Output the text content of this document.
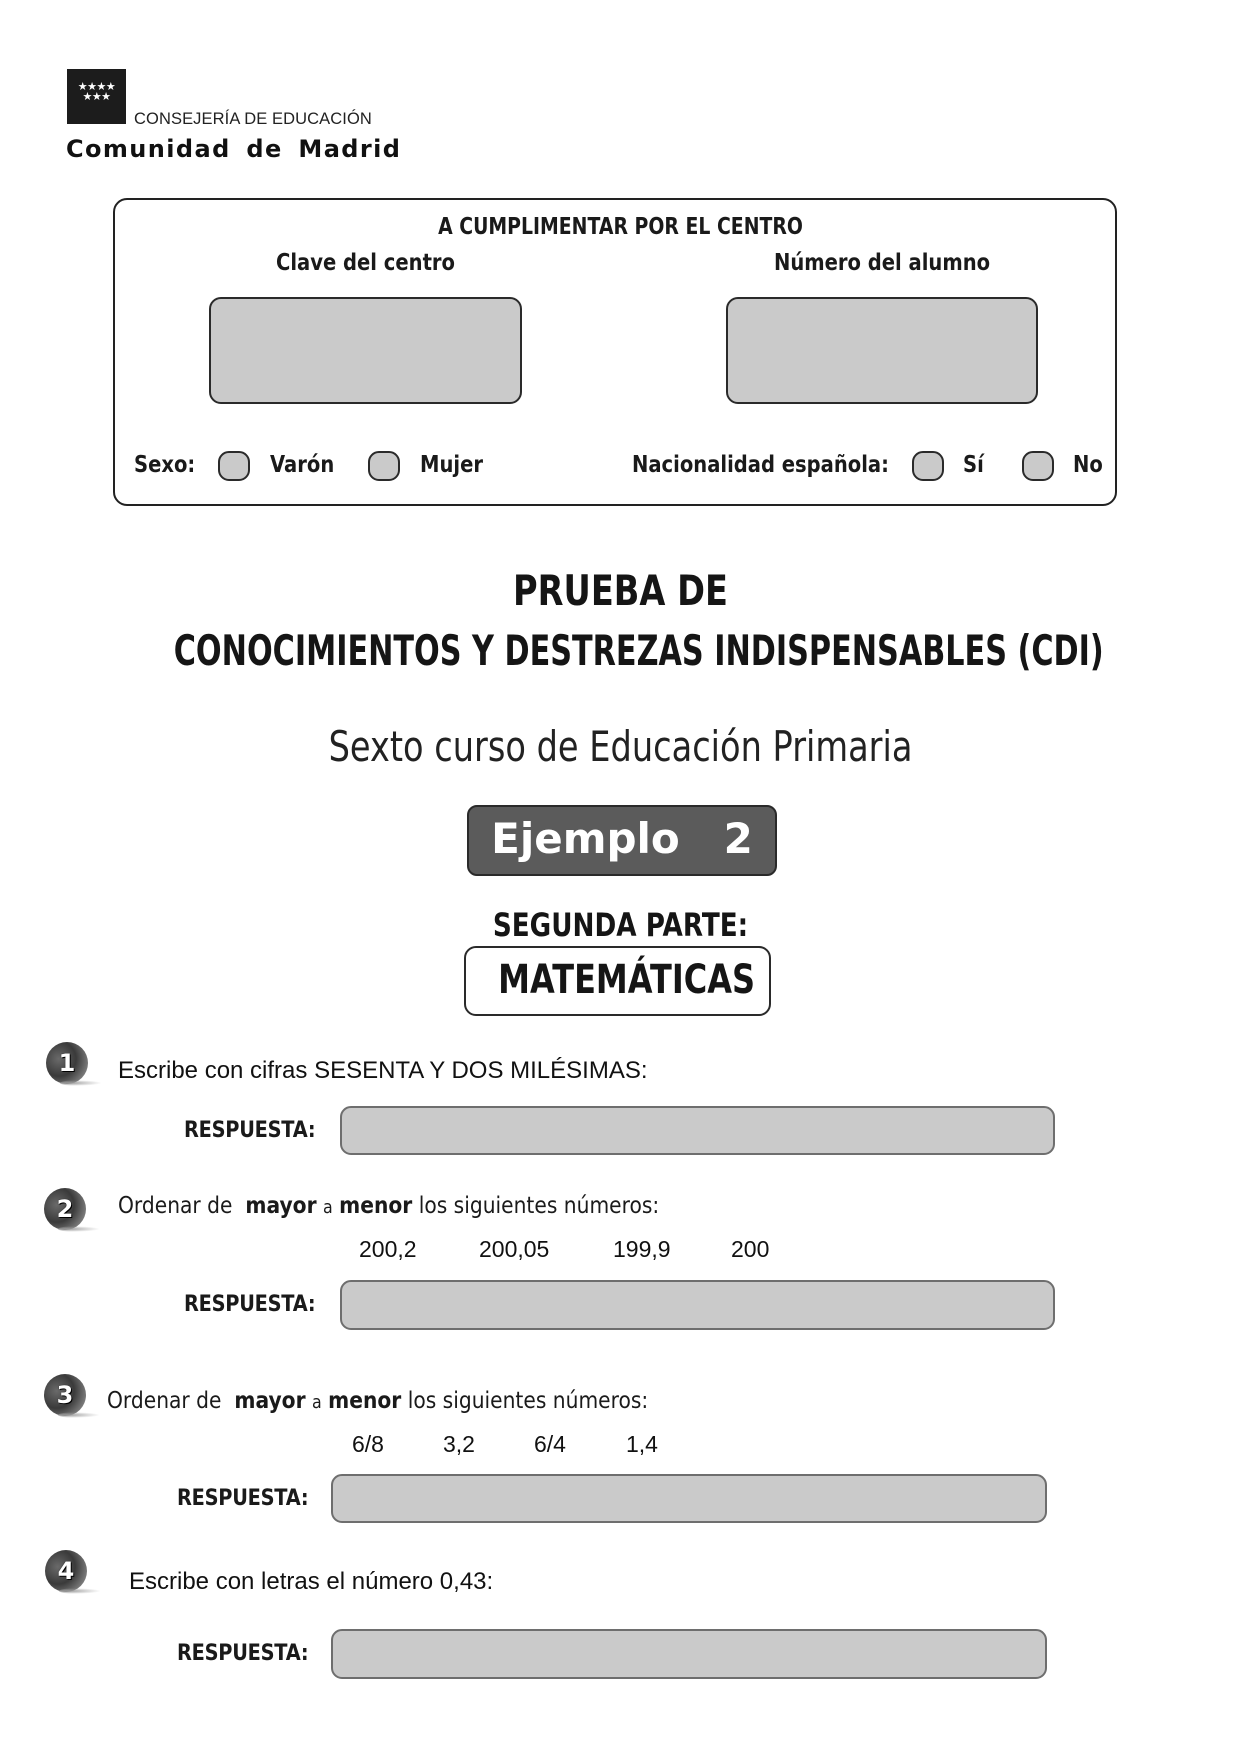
★★★★ ★★★
CONSEJERÍA DE EDUCACIÓN
Comunidad de Madrid
A CUMPLIMENTAR POR EL CENTRO
Clave del centro	Número del alumno
Sexo:	Varón	Mujer	Nacionalidad española:	Sí	No
PRUEBA DE
CONOCIMIENTOS Y DESTREZAS INDISPENSABLES (CDI)
Sexto curso de Educación Primaria
Ejemplo   2
SEGUNDA PARTE:
MATEMÁTICAS
1	Escribe con cifras SESENTA Y DOS MILÉSIMAS:
RESPUESTA:
2	Ordenar de mayor a menor los siguientes números:
200,2	200,05	199,9	200
RESPUESTA:
3	Ordenar de mayor a menor los siguientes números:
6/8	3,2	6/4	1,4
RESPUESTA:
4	Escribe con letras el número 0,43:
RESPUESTA:
